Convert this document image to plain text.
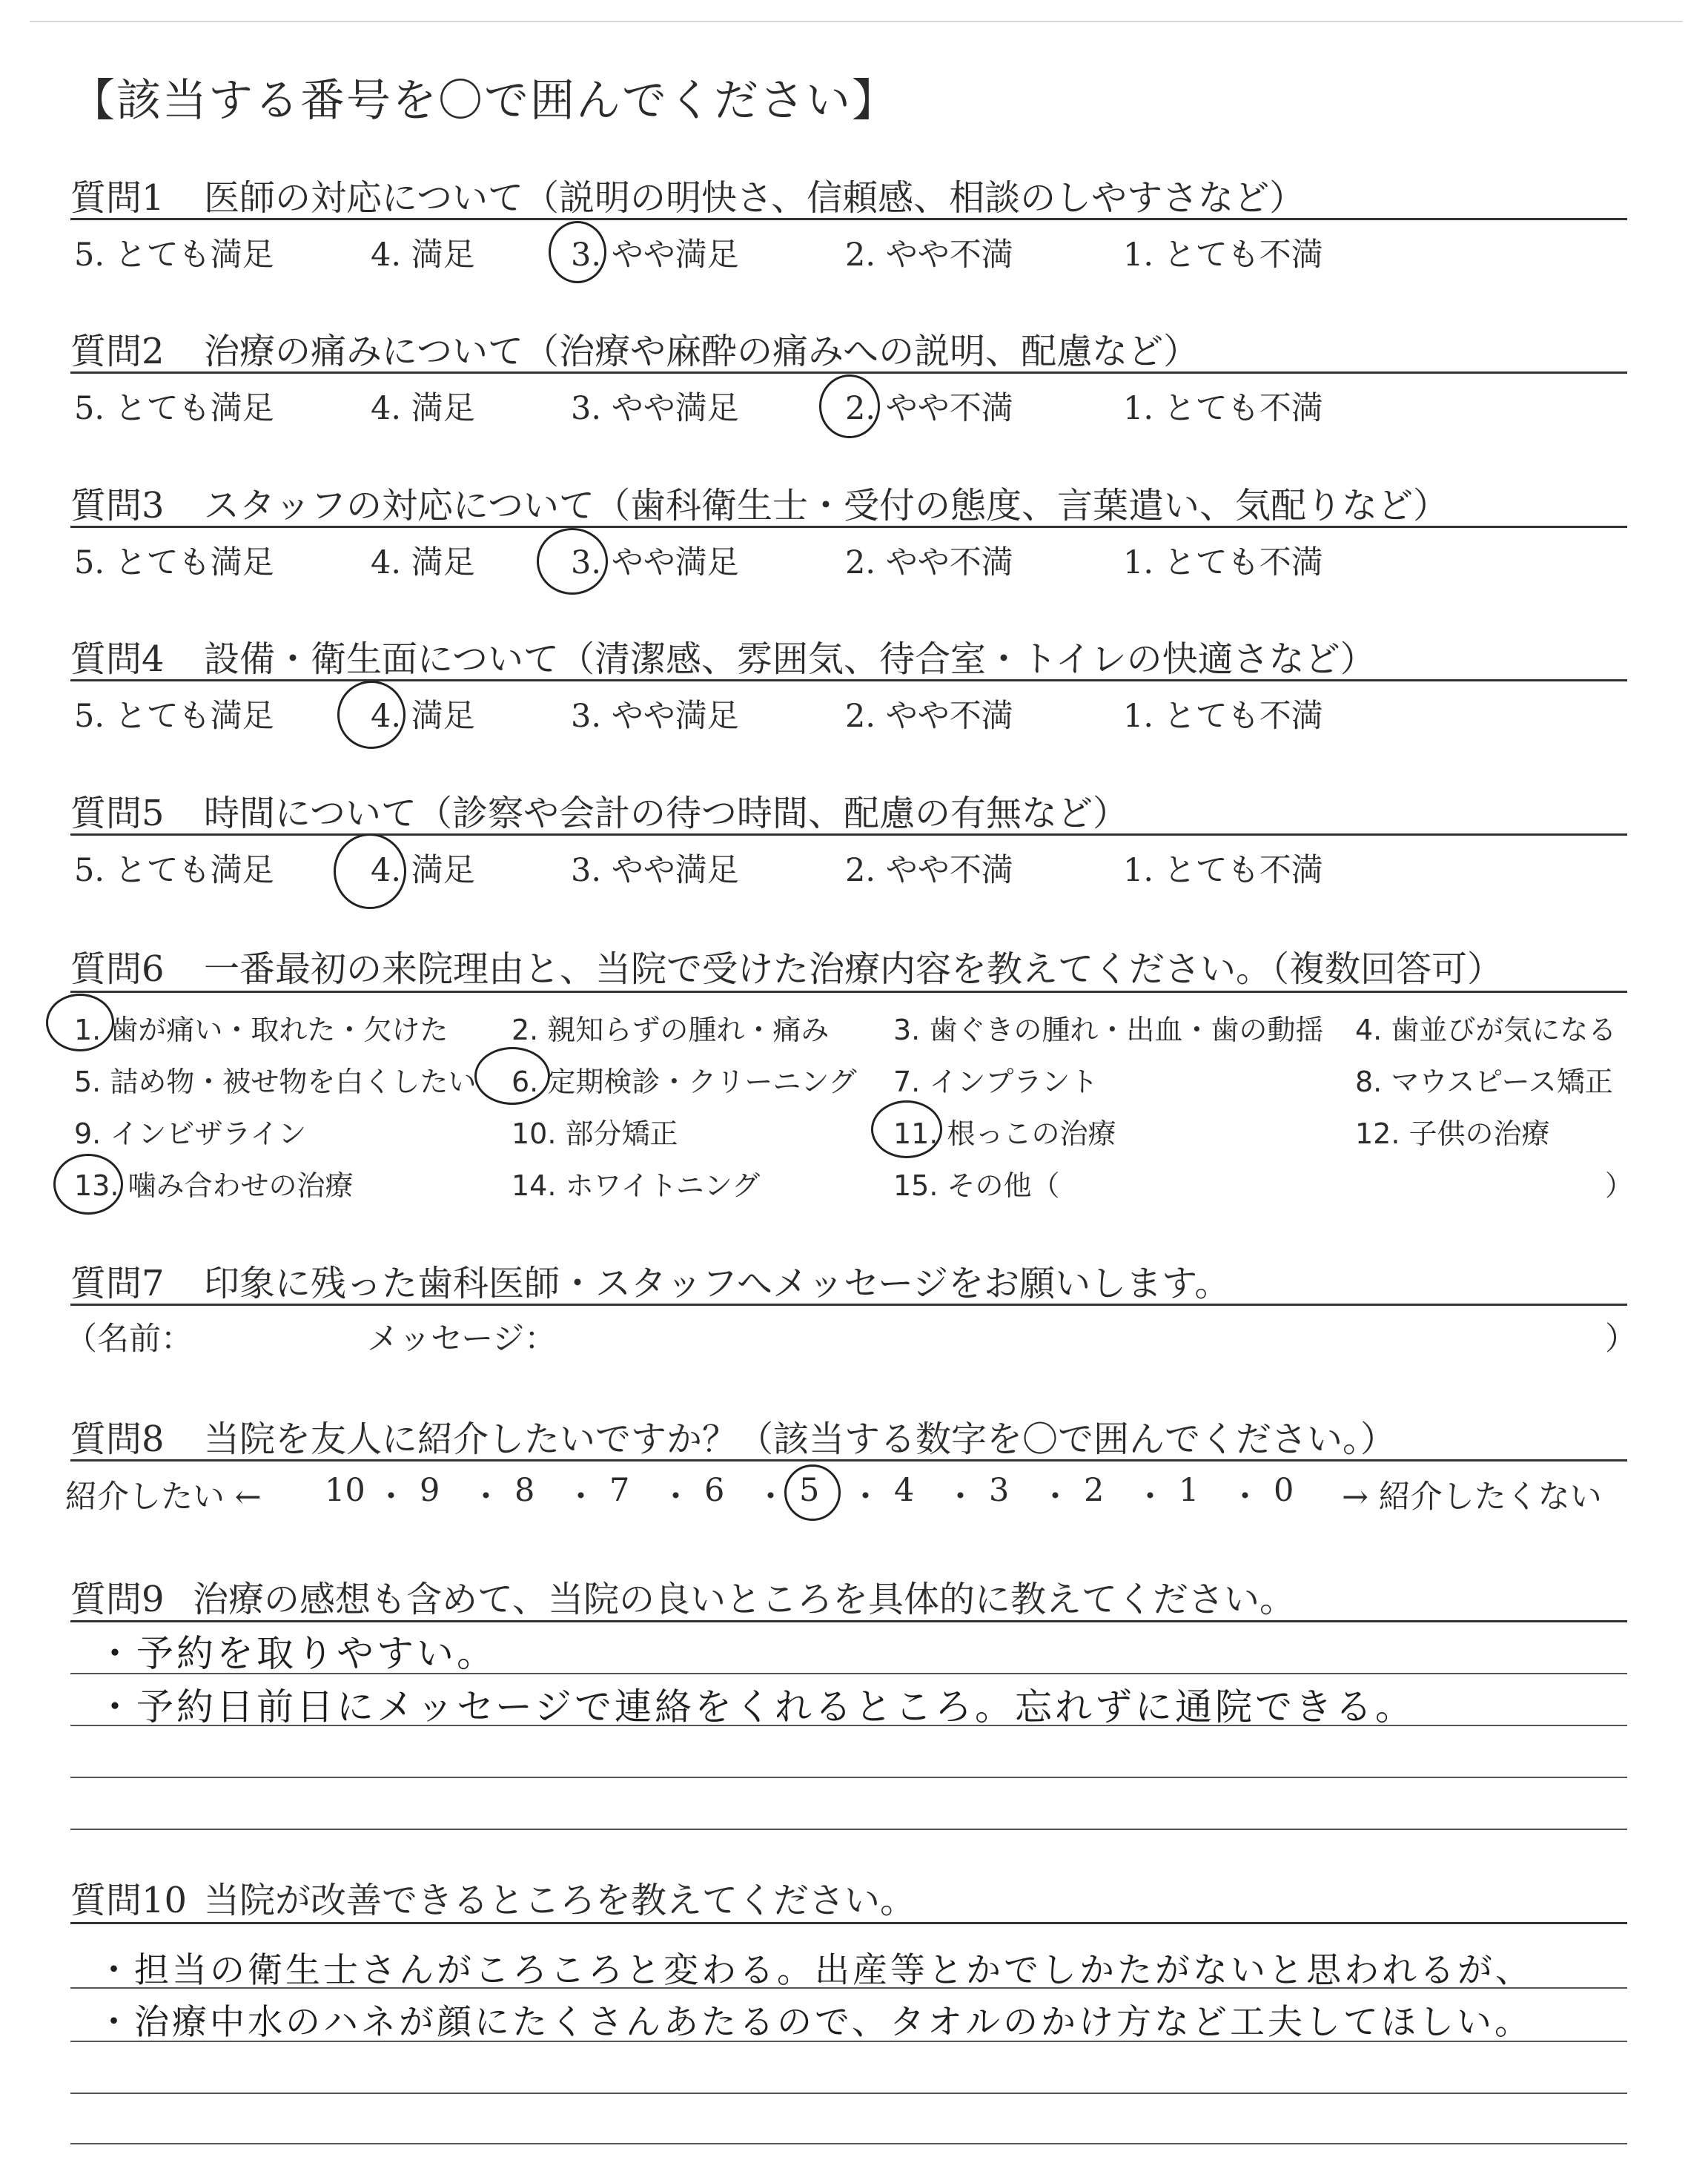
【該当する番号を〇で囲んでください】
質問1 医師の対応について（説明の明快さ、信頼感、相談のしやすさなど）
5. とても満足	4. 満足	3. やや満足	2. やや不満	1. とても不満
質問2 治療の痛みについて（治療や麻酔の痛みへの説明、配慮など）
5. とても満足	4. 満足	3. やや満足	2. やや不満	1. とても不満
質問3 スタッフの対応について（歯科衛生士・受付の態度、言葉遣い、気配りなど）
5. とても満足	4. 満足	3. やや満足	2. やや不満	1. とても不満
質問4 設備・衛生面について（清潔感、雰囲気、待合室・トイレの快適さなど）
5. とても満足	4. 満足	3. やや満足	2. やや不満	1. とても不満
質問5 時間について（診察や会計の待つ時間、配慮の有無など）
5. とても満足	4. 満足	3. やや満足	2. やや不満	1. とても不満
質問6 一番最初の来院理由と、当院で受けた治療内容を教えてください。（複数回答可）
1. 歯が痛い・取れた・欠けた 2. 親知らずの腫れ・痛み 3. 歯ぐきの腫れ・出血・歯の動揺 4. 歯並びが気になる
5. 詰め物・被せ物を白くしたい 6. 定期検診・クリーニング 7. インプラント	8. マウスピース矯正
9. インビザライン	10. 部分矯正	11. 根っこの治療	12. 子供の治療
13. 噛み合わせの治療	14. ホワイトニング	15. その他（	）
質問7 印象に残った歯科医師・スタッフへメッセージをお願いします。
（名前：	メッセージ：	）
質問8 当院を友人に紹介したいですか？（該当する数字を〇で囲んでください。）
紹介したい ← 10 ・ 9 ・ 8 ・ 7 ・ 6 ・ 5 ・ 4 ・ 3 ・ 2 ・ 1 ・ 0 → 紹介したくない
質問9 治療の感想も含めて、当院の良いところを具体的に教えてください。
・予約を取りやすい。
・予約日前日にメッセージで連絡をくれるところ。忘れずに通院できる。
質問10 当院が改善できるところを教えてください。
・担当の衛生士さんがころころと変わる。出産等とかでしかたがないと思われるが、
・治療中水のハネが顔にたくさんあたるので、タオルのかけ方など工夫してほしい。
